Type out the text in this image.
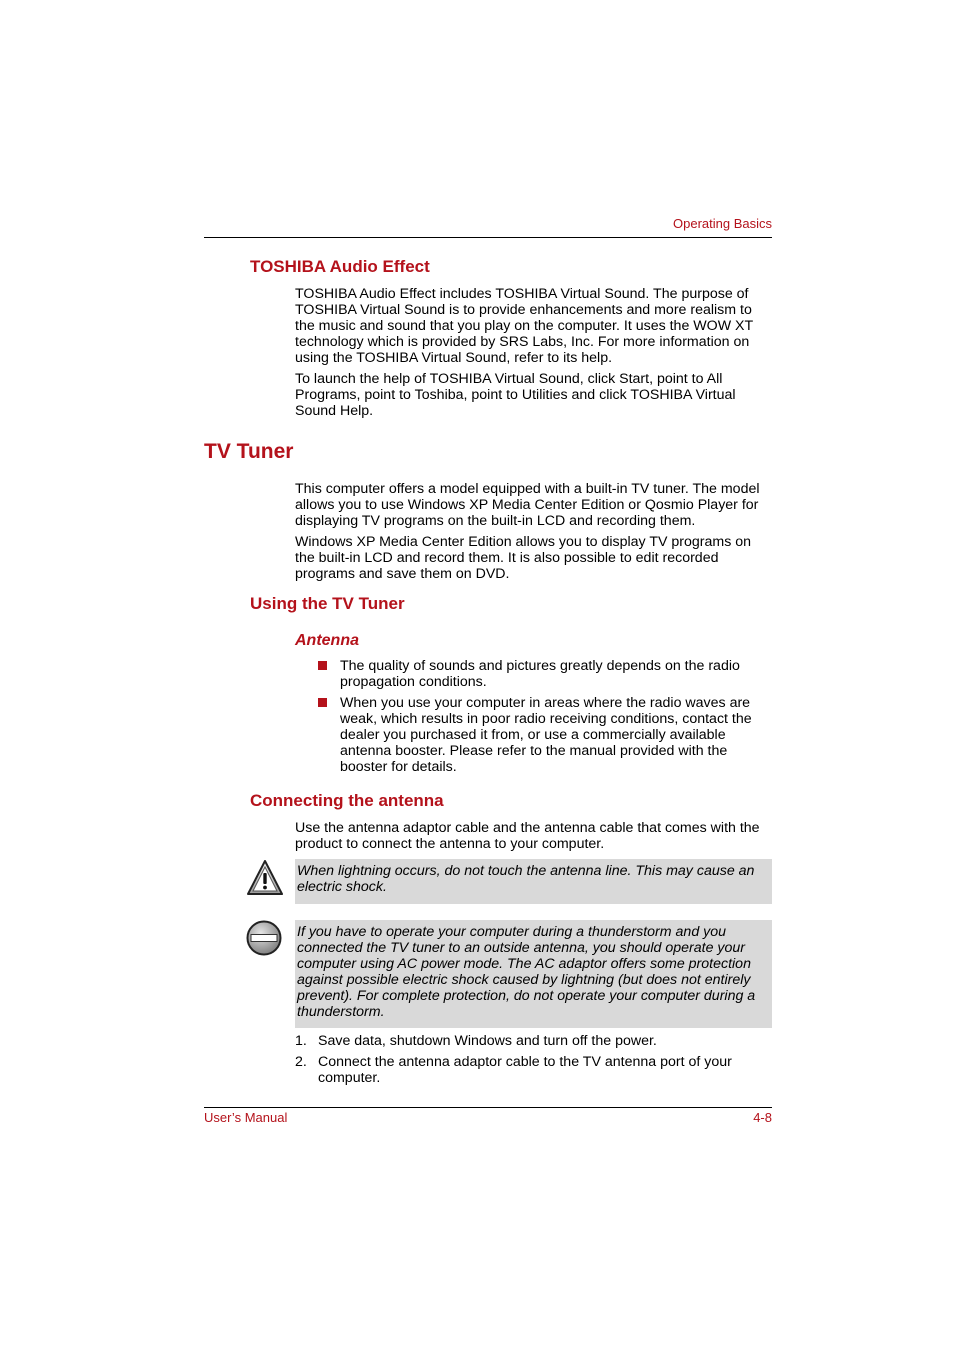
Operating Basics
TOSHIBA Audio Effect
TOSHIBA Audio Effect includes TOSHIBA Virtual Sound. The purpose of TOSHIBA Virtual Sound is to provide enhancements and more realism to the music and sound that you play on the computer. It uses the WOW XT technology which is provided by SRS Labs, Inc. For more information on using the TOSHIBA Virtual Sound, refer to its help.
To launch the help of TOSHIBA Virtual Sound, click Start, point to All Programs, point to Toshiba, point to Utilities and click TOSHIBA Virtual Sound Help.
TV Tuner
This computer offers a model equipped with a built-in TV tuner. The model allows you to use Windows XP Media Center Edition or Qosmio Player for displaying TV programs on the built-in LCD and recording them.
Windows XP Media Center Edition allows you to display TV programs on the built-in LCD and record them. It is also possible to edit recorded programs and save them on DVD.
Using the TV Tuner
Antenna
The quality of sounds and pictures greatly depends on the radio propagation conditions.
When you use your computer in areas where the radio waves are weak, which results in poor radio receiving conditions, contact the dealer you purchased it from, or use a commercially available antenna booster. Please refer to the manual provided with the booster for details.
Connecting the antenna
Use the antenna adaptor cable and the antenna cable that comes with the product to connect the antenna to your computer.
When lightning occurs, do not touch the antenna line. This may cause an electric shock.
If you have to operate your computer during a thunderstorm and you connected the TV tuner to an outside antenna, you should operate your computer using AC power mode. The AC adaptor offers some protection against possible electric shock caused by lightning (but does not entirely prevent). For complete protection, do not operate your computer during a thunderstorm.
1. Save data, shutdown Windows and turn off the power.
2. Connect the antenna adaptor cable to the TV antenna port of your computer.
User’s Manual	4-8
